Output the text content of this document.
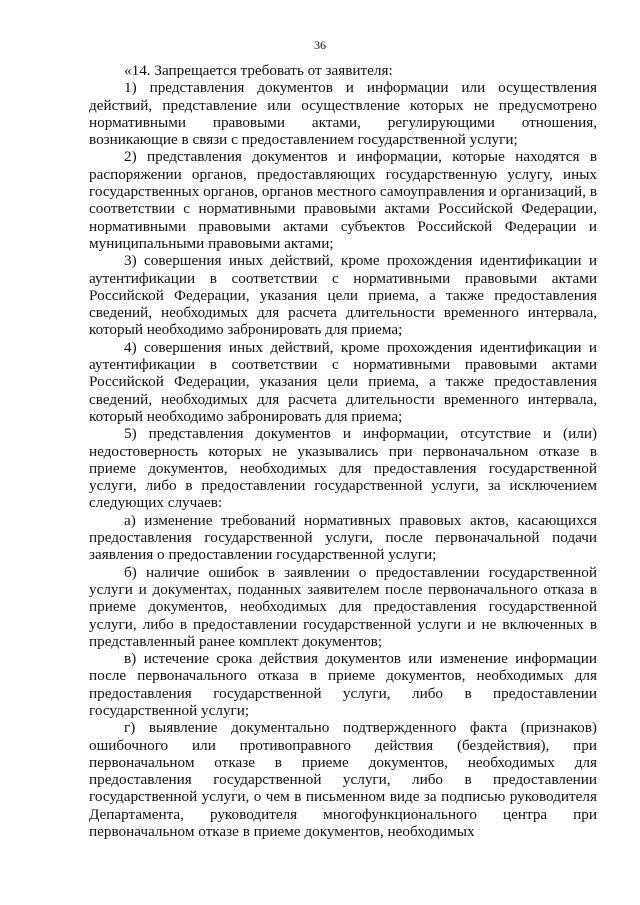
36

«14. Запрещается требовать от заявителя:

1) представления документов и информации или осуществления действий, представление или осуществление которых не предусмотрено нормативными правовыми актами, регулирующими отношения, возникающие в связи с предоставлением государственной услуги;

2) представления документов и информации, которые находятся в распоряжении органов, предоставляющих государственную услугу, иных государственных органов, органов местного самоуправления и организаций, в соответствии с нормативными правовыми актами Российской Федерации, нормативными правовыми актами субъектов Российской Федерации и муниципальными правовыми актами;

3) совершения иных действий, кроме прохождения идентификации и аутентификации в соответствии с нормативными правовыми актами Российской Федерации, указания цели приема, а также предоставления сведений, необходимых для расчета длительности временного интервала, который необходимо забронировать для приема;

4) совершения иных действий, кроме прохождения идентификации и аутентификации в соответствии с нормативными правовыми актами Российской Федерации, указания цели приема, а также предоставления сведений, необходимых для расчета длительности временного интервала, который необходимо забронировать для приема;

5) представления документов и информации, отсутствие и (или) недостоверность которых не указывались при первоначальном отказе в приеме документов, необходимых для предоставления государственной услуги, либо в предоставлении государственной услуги, за исключением следующих случаев:

а) изменение требований нормативных правовых актов, касающихся предоставления государственной услуги, после первоначальной подачи заявления о предоставлении государственной услуги;

б) наличие ошибок в заявлении о предоставлении государственной услуги и документах, поданных заявителем после первоначального отказа в приеме документов, необходимых для предоставления государственной услуги, либо в предоставлении государственной услуги и не включенных в представленный ранее комплект документов;

в) истечение срока действия документов или изменение информации после первоначального отказа в приеме документов, необходимых для предоставления государственной услуги, либо в предоставлении государственной услуги;

г) выявление документально подтвержденного факта (признаков) ошибочного или противоправного действия (бездействия), при первоначальном отказе в приеме документов, необходимых для предоставления государственной услуги, либо в предоставлении государственной услуги, о чем в письменном виде за подписью руководителя Департамента, руководителя многофункционального центра при первоначальном отказе в приеме документов, необходимых
